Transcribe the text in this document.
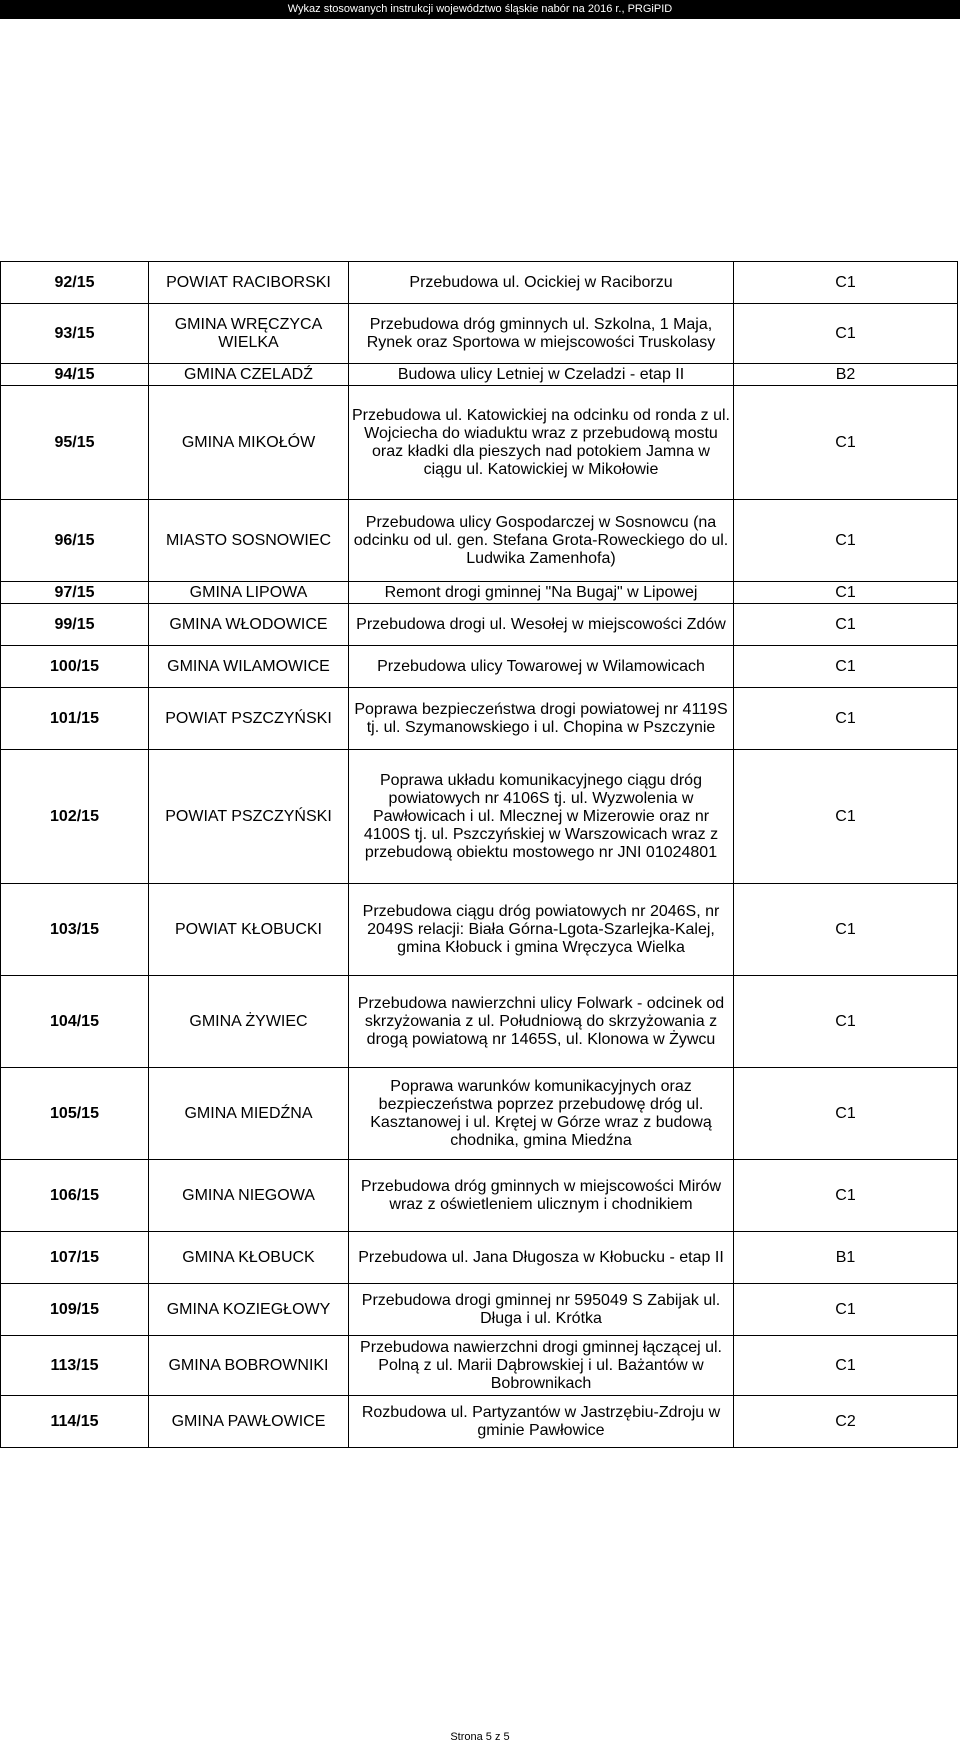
Wykaz stosowanych instrukcji województwo śląskie nabór na 2016 r., PRGiPID
92/15	POWIAT RACIBORSKI	Przebudowa ul. Ocickiej w Raciborzu	C1
93/15	GMINA WRĘCZYCA WIELKA	Przebudowa dróg gminnych ul. Szkolna, 1 Maja, Rynek oraz Sportowa w miejscowości Truskolasy	C1
94/15	GMINA CZELADŹ	Budowa ulicy Letniej w Czeladzi - etap II	B2
95/15	GMINA MIKOŁÓW	Przebudowa ul. Katowickiej na odcinku od ronda z ul. Wojciecha do wiaduktu wraz z przebudową mostu oraz kładki dla pieszych nad potokiem Jamna w ciągu ul. Katowickiej w Mikołowie	C1
96/15	MIASTO SOSNOWIEC	Przebudowa ulicy Gospodarczej w Sosnowcu (na odcinku od ul. gen. Stefana Grota-Roweckiego do ul. Ludwika Zamenhofa)	C1
97/15	GMINA LIPOWA	Remont drogi gminnej "Na Bugaj" w Lipowej	C1
99/15	GMINA WŁODOWICE	Przebudowa drogi ul. Wesołej w miejscowości Zdów	C1
100/15	GMINA WILAMOWICE	Przebudowa ulicy Towarowej w Wilamowicach	C1
101/15	POWIAT PSZCZYŃSKI	Poprawa bezpieczeństwa drogi powiatowej nr 4119S tj. ul. Szymanowskiego i ul. Chopina w Pszczynie	C1
102/15	POWIAT PSZCZYŃSKI	Poprawa układu komunikacyjnego ciągu dróg powiatowych nr 4106S tj. ul. Wyzwolenia w Pawłowicach i ul. Mlecznej w Mizerowie oraz nr 4100S tj. ul. Pszczyńskiej w Warszowicach wraz z przebudową obiektu mostowego nr JNI 01024801	C1
103/15	POWIAT KŁOBUCKI	Przebudowa ciągu dróg powiatowych nr 2046S, nr 2049S relacji: Biała Górna-Lgota-Szarlejka-Kalej, gmina Kłobuck i gmina Wręczyca Wielka	C1
104/15	GMINA ŻYWIEC	Przebudowa nawierzchni ulicy Folwark - odcinek od skrzyżowania z ul. Południową do skrzyżowania z drogą powiatową nr 1465S, ul. Klonowa w Żywcu	C1
105/15	GMINA MIEDŹNA	Poprawa warunków komunikacyjnych oraz bezpieczeństwa poprzez przebudowę dróg ul. Kasztanowej i ul. Krętej w Górze wraz z budową chodnika, gmina Miedźna	C1
106/15	GMINA NIEGOWA	Przebudowa dróg gminnych w miejscowości Mirów wraz z oświetleniem ulicznym i chodnikiem	C1
107/15	GMINA KŁOBUCK	Przebudowa ul. Jana Długosza w Kłobucku - etap II	B1
109/15	GMINA KOZIEGŁOWY	Przebudowa drogi gminnej nr 595049 S Zabijak ul. Długa i ul. Krótka	C1
113/15	GMINA BOBROWNIKI	Przebudowa nawierzchni drogi gminnej łączącej ul. Polną z ul. Marii Dąbrowskiej i ul. Bażantów w Bobrownikach	C1
114/15	GMINA PAWŁOWICE	Rozbudowa ul. Partyzantów w Jastrzębiu-Zdroju w gminie Pawłowice	C2
Strona 5 z 5
